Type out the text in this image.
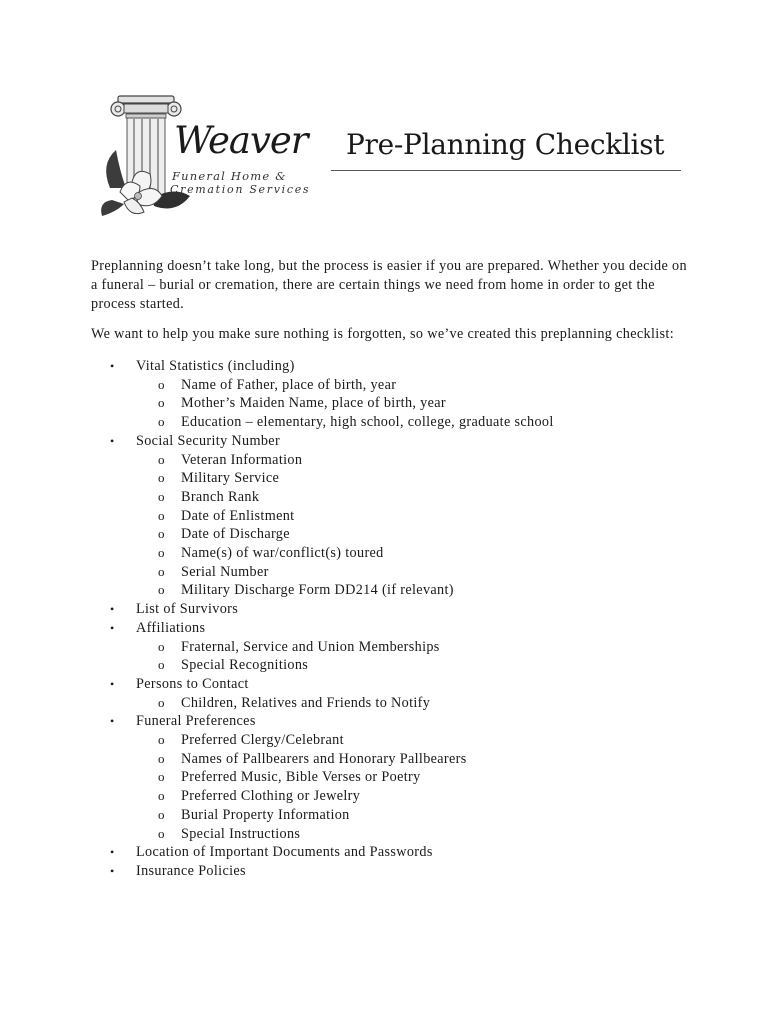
Weaver
Funeral Home &
Cremation Services
Pre-Planning Checklist

Preplanning doesn’t take long, but the process is easier if you are prepared. Whether you decide on a funeral – burial or cremation, there are certain things we need from home in order to get the process started.

We want to help you make sure nothing is forgotten, so we’ve created this preplanning checklist:

• Vital Statistics (including)
o Name of Father, place of birth, year
o Mother’s Maiden Name, place of birth, year
o Education – elementary, high school, college, graduate school
• Social Security Number
o Veteran Information
o Military Service
o Branch Rank
o Date of Enlistment
o Date of Discharge
o Name(s) of war/conflict(s) toured
o Serial Number
o Military Discharge Form DD214 (if relevant)
• List of Survivors
• Affiliations
o Fraternal, Service and Union Memberships
o Special Recognitions
• Persons to Contact
o Children, Relatives and Friends to Notify
• Funeral Preferences
o Preferred Clergy/Celebrant
o Names of Pallbearers and Honorary Pallbearers
o Preferred Music, Bible Verses or Poetry
o Preferred Clothing or Jewelry
o Burial Property Information
o Special Instructions
• Location of Important Documents and Passwords
• Insurance Policies
